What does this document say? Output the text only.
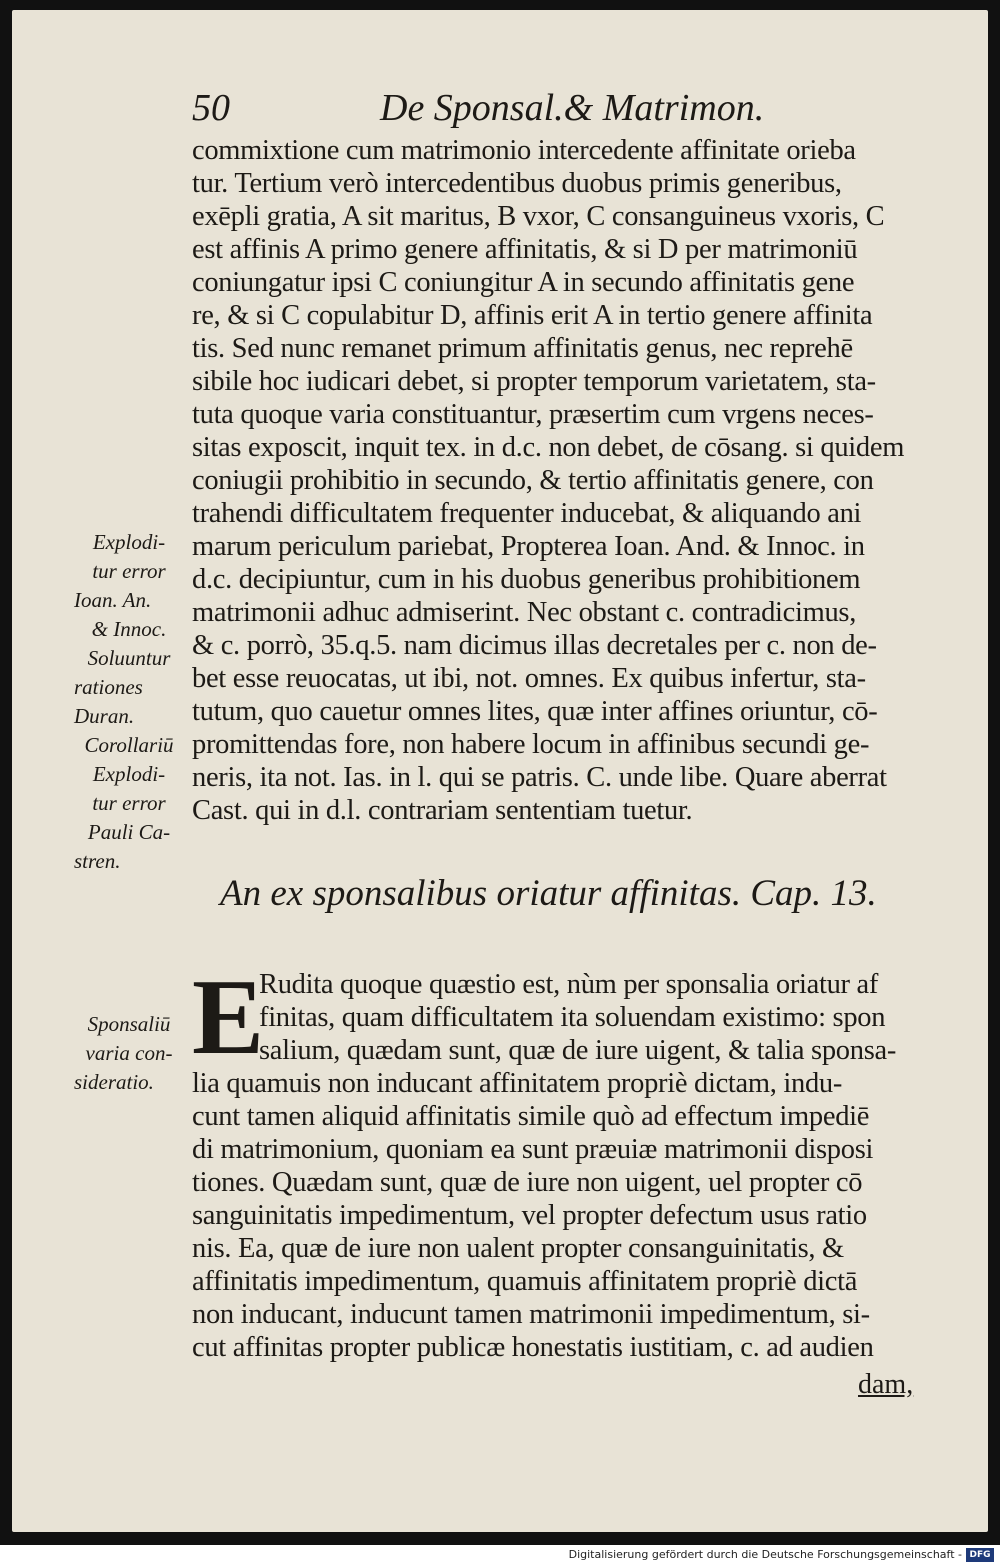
50	De Sponsal.& Matrimon.
commixtione cum matrimonio intercedente affinitate orieba
tur. Tertium verò intercedentibus duobus primis generibus,
exēpli gratia, A sit maritus, B vxor, C consanguineus vxoris, C
est affinis A primo genere affinitatis, & si D per matrimoniū
coniungatur ipsi C coniungitur A in secundo affinitatis gene
re, & si C copulabitur D, affinis erit A in tertio genere affinita
tis. Sed nunc remanet primum affinitatis genus, nec reprehē
sibile hoc iudicari debet, si propter temporum varietatem, sta-
tuta quoque varia constituantur, præsertim cum vrgens neces-
sitas exposcit, inquit tex. in d.c. non debet, de cōsang. si quidem
coniugii prohibitio in secundo, & tertio affinitatis genere, con
trahendi difficultatem frequenter inducebat, & aliquando ani
marum periculum pariebat, Propterea Ioan. And. & Innoc. in
d.c. decipiuntur, cum in his duobus generibus prohibitionem
matrimonii adhuc admiserint. Nec obstant c. contradicimus,
& c. porrò, 35.q.5. nam dicimus illas decretales per c. non de-
bet esse reuocatas, ut ibi, not. omnes. Ex quibus infertur, sta-
tutum, quo cauetur omnes lites, quæ inter affines oriuntur, cō-
promittendas fore, non habere locum in affinibus secundi ge-
neris, ita not. Ias. in l. qui se patris. C. unde libe. Quare aberrat
Cast. qui in d.l. contrariam sententiam tuetur.
Explodi-
tur error
Ioan. An.
& Innoc.
Soluuntur
rationes
Duran.
Corollariū
Explodi-
tur error
Pauli Ca-
stren.
An ex sponsalibus oriatur affinitas. Cap. 13.
E
Rudita quoque quæstio est, nùm per sponsalia oriatur af
finitas, quam difficultatem ita soluendam existimo: spon
salium, quædam sunt, quæ de iure uigent, & talia sponsa-
lia quamuis non inducant affinitatem propriè dictam, indu-
cunt tamen aliquid affinitatis simile quò ad effectum impediē
di matrimonium, quoniam ea sunt præuiæ matrimonii disposi
tiones. Quædam sunt, quæ de iure non uigent, uel propter cō
sanguinitatis impedimentum, vel propter defectum usus ratio
nis. Ea, quæ de iure non ualent propter consanguinitatis, &
affinitatis impedimentum, quamuis affinitatem propriè dictā
non inducant, inducunt tamen matrimonii impedimentum, si-
cut affinitas propter publicæ honestatis iustitiam, c. ad audien
Sponsaliū
varia con-
sideratio.
dam,
Digitalisierung gefördert durch die Deutsche Forschungsgemeinschaft - DFG
